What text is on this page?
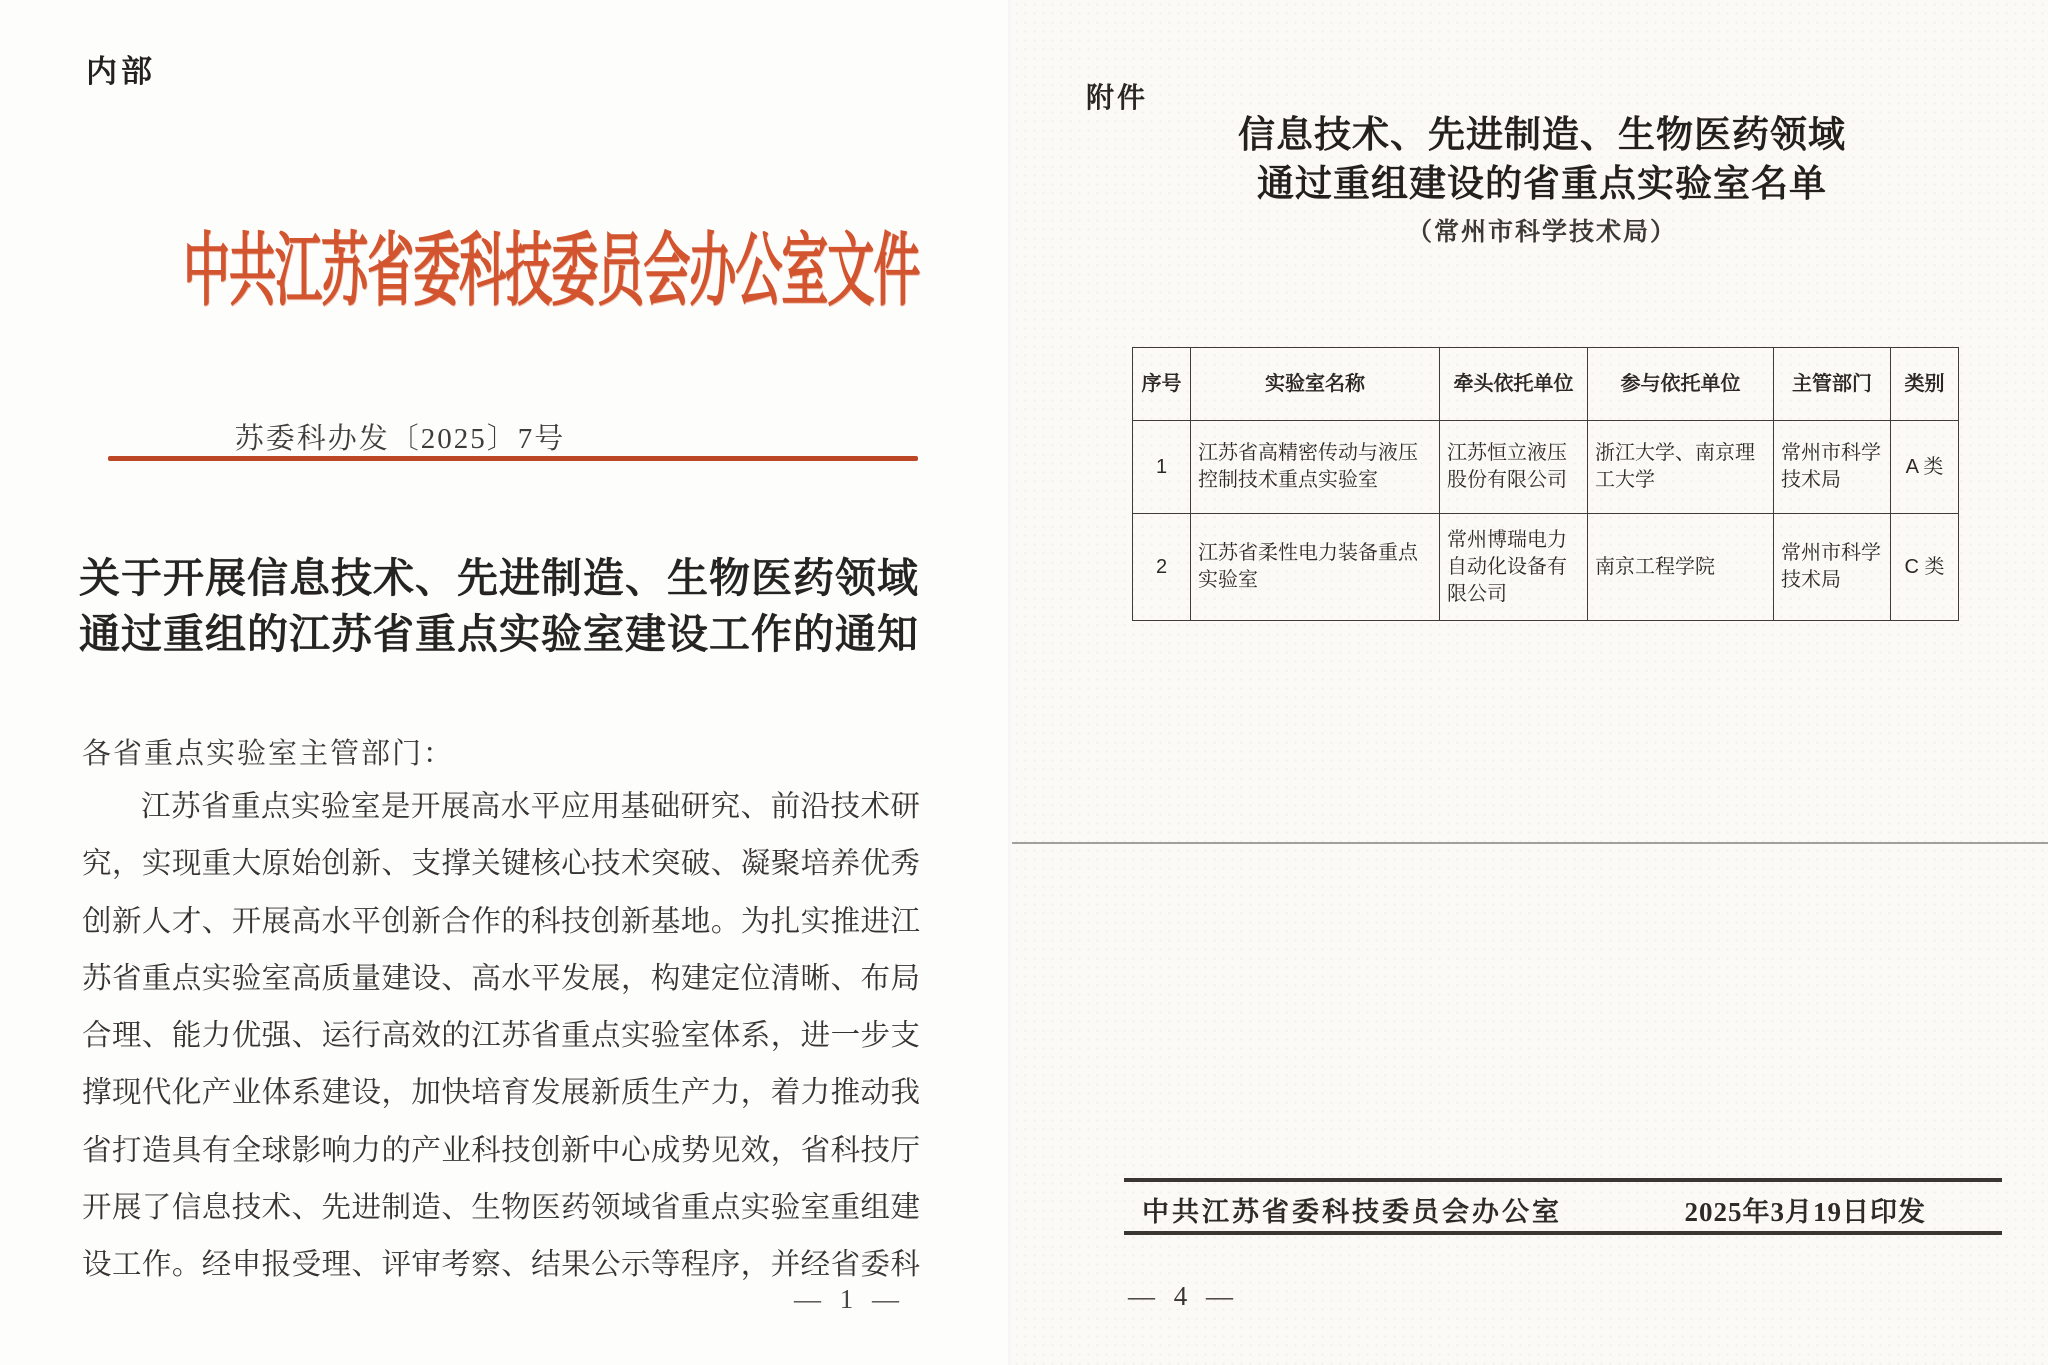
内部
中共江苏省委科技委员会办公室文件
苏委科办发〔2025〕7号
关于开展信息技术、先进制造、生物医药领域
通过重组的江苏省重点实验室建设工作的通知
各省重点实验室主管部门：
江苏省重点实验室是开展高水平应用基础研究、前沿技术研
究，实现重大原始创新、支撑关键核心技术突破、凝聚培养优秀
创新人才、开展高水平创新合作的科技创新基地。为扎实推进江
苏省重点实验室高质量建设、高水平发展，构建定位清晰、布局
合理、能力优强、运行高效的江苏省重点实验室体系，进一步支
撑现代化产业体系建设，加快培育发展新质生产力，着力推动我
省打造具有全球影响力的产业科技创新中心成势见效，省科技厅
开展了信息技术、先进制造、生物医药领域省重点实验室重组建
设工作。经申报受理、评审考察、结果公示等程序，并经省委科
— 1 —
附件
信息技术、先进制造、生物医药领域
通过重组建设的省重点实验室名单
（常州市科学技术局）
序号	实验室名称	牵头依托单位	参与依托单位	主管部门	类别
1	江苏省高精密传动与液压控制技术重点实验室	江苏恒立液压股份有限公司	浙江大学、南京理工大学	常州市科学技术局	A 类
2	江苏省柔性电力装备重点实验室	常州博瑞电力自动化设备有限公司	南京工程学院	常州市科学技术局	C 类
中共江苏省委科技委员会办公室	2025年3月19日印发
— 4 —
